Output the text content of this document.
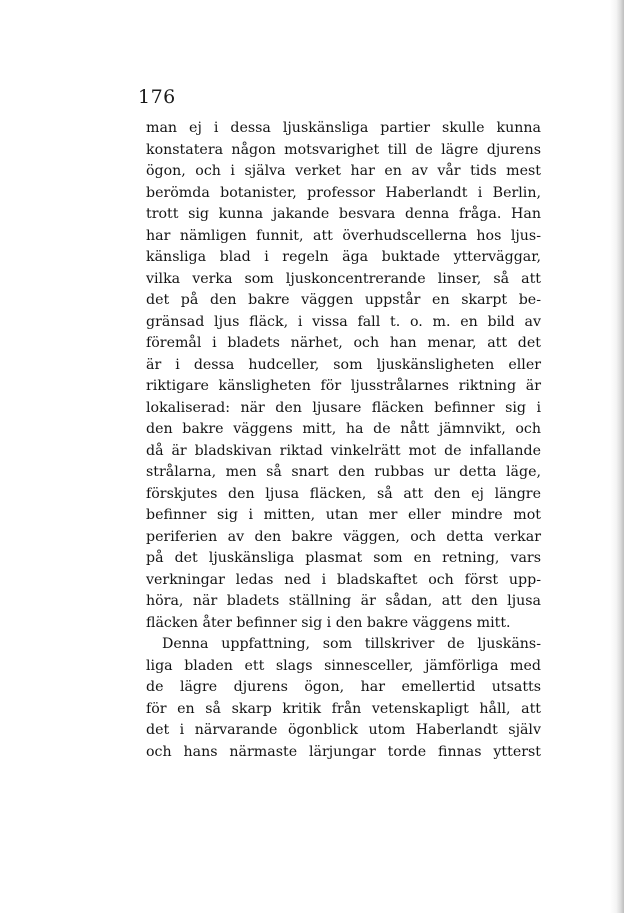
176
man ej i dessa ljuskänsliga partier skulle kunna
konstatera någon motsvarighet till de lägre djurens
ögon, och i själva verket har en av vår tids mest
berömda botanister, professor Haberlandt i Berlin,
trott sig kunna jakande besvara denna fråga. Han
har nämligen funnit, att överhudscellerna hos ljus-
känsliga blad i regeln äga buktade ytterväggar,
vilka verka som ljuskoncentrerande linser, så att
det på den bakre väggen uppstår en skarpt be-
gränsad ljus fläck, i vissa fall t. o. m. en bild av
föremål i bladets närhet, och han menar, att det
är i dessa hudceller, som ljuskänsligheten eller
riktigare känsligheten för ljusstrålarnes riktning är
lokaliserad: när den ljusare fläcken befinner sig i
den bakre väggens mitt, ha de nått jämnvikt, och
då är bladskivan riktad vinkelrätt mot de infallande
strålarna, men så snart den rubbas ur detta läge,
förskjutes den ljusa fläcken, så att den ej längre
befinner sig i mitten, utan mer eller mindre mot
periferien av den bakre väggen, och detta verkar
på det ljuskänsliga plasmat som en retning, vars
verkningar ledas ned i bladskaftet och först upp-
höra, när bladets ställning är sådan, att den ljusa
fläcken åter befinner sig i den bakre väggens mitt.
Denna uppfattning, som tillskriver de ljuskäns-
liga bladen ett slags sinnesceller, jämförliga med
de lägre djurens ögon, har emellertid utsatts
för en så skarp kritik från vetenskapligt håll, att
det i närvarande ögonblick utom Haberlandt själv
och hans närmaste lärjungar torde finnas ytterst
